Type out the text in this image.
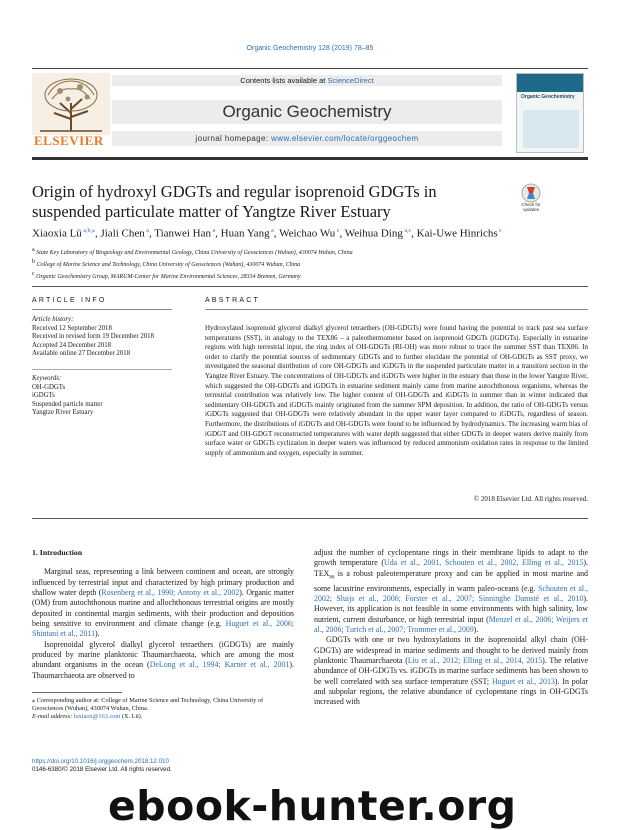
Organic Geochemistry 128 (2019) 78–85
ELSEVIER
Contents lists available at ScienceDirect
Organic Geochemistry
journal homepage: www.elsevier.com/locate/orggeochem
Organic Geochemistry
Origin of hydroxyl GDGTs and regular isoprenoid GDGTs in suspended particulate matter of Yangtze River Estuary	Check for updates
Xiaoxia Lü $^{a,b,⁎}$, Jiali Chen $^a$, Tianwei Han $^a$, Huan Yang $^a$, Weichao Wu $^c$, Weihua Ding $^{a,c}$, Kai-Uwe Hinrichs $^c$
$^a$ State Key Laboratory of Biogeology and Environmental Geology, China University of Geosciences (Wuhan), 430074 Wuhan, China
$^b$ College of Marine Science and Technology, China University of Geosciences (Wuhan), 430074 Wuhan, China
$^c$ Organic Geochemistry Group, MARUM-Center for Marine Environmental Sciences, 28334 Bremen, Germany
ARTICLE INFO
Article history:
Received 12 September 2018
Received in revised form 19 December 2018
Accepted 24 December 2018
Available online 27 December 2018
Keywords:
OH-GDGTs
iGDGTs
Suspended particle matter
Yangtze River Estuary
ABSTRACT
Hydroxylated isoprenoid glycerol dialkyl glycerol tetraethers (OH-GDGTs) were found having the potential to track past sea surface temperatures (SST), in analogy to the TEX86 – a paleothermometer based on isoprenoid GDGTs (iGDGTs). Especially in estuarine regions with high terrestrial input, the ring index of OH-GDGTs (RI-OH) was more robust to trace the summer SST than TEX86. In order to clarify the potential sources of sedimentary GDGTs and to further elucidate the potential of OH-GDGTs as SST proxy, we investigated the seasonal distribution of core OH-GDGTs and iGDGTs in the suspended particulate matter in a transition section in the Yangtze River Estuary. The concentrations of OH-GDGTs and iGDGTs were higher in the estuary than those in the lower Yangtze River, which suggested the OH-GDGTs and iGDGTs in estuarine sediment mainly came from marine autochthonous organisms, whereas the terrestrial contribution was relatively low. The higher content of OH-GDGTs and iGDGTs in summer than in winter indicated that sedimentary OH-GDGTs and iGDGTs mainly originated from the summer SPM deposition. In addition, the ratio of OH-GDGTs versus iGDGTs suggested that OH-GDGTs were relatively abundant in the upper water layer compared to iGDGTs, regardless of season. Furthermore, the distributions of iGDGTs and OH-GDGTs were found to be influenced by hydrodynamics. The increasing warm bias of iGDGT and OH-GDGT reconstructed temperatures with water depth suggested that either GDGTs in deeper waters derive mainly from surface water or GDGTs cyclization in deeper waters was influenced by reduced ammonium oxidation rates in response to the limited supply of ammonium and oxygen, especially in summer.
© 2018 Elsevier Ltd. All rights reserved.
1. Introduction

Marginal seas, representing a link between continent and ocean, are strongly influenced by terrestrial input and characterized by high primary production and shallow water depth (Rosenberg et al., 1990; Antony et al., 2002). Organic matter (OM) from autochthonous marine and allochthonous terrestrial origins are mostly deposited in continental margin sediments, with their production and deposition being sensitive to environment and climate change (e.g. Huguet et al., 2006; Shintani et al., 2011).

Isoprenoidal glycerol dialkyl glycerol tetraethers (iGDGTs) are mainly produced by marine planktonic Thaumarchaeota, which are among the most abundant organisms in the ocean (DeLong et al., 1994; Karner et al., 2001). Thaumarchaeota are observed to

adjust the number of cyclopentane rings in their membrane lipids to adapt to the growth temperature (Uda et al., 2001, Schouten et al., 2002, Elling et al., 2015). $TEX_{86}$ is a robust paleotemperature proxy and can be applied in most marine and some lacustrine environments, especially in warm paleo-oceans (e.g. Schouten et al., 2002; Sluijs et al., 2006; Forster et al., 2007; Sinninghe Damsté et al., 2010). However, its application is not feasible in some environments with high salinity, low nutrient, current disturbance, or high terrestrial input (Menzel et al., 2006; Weijers et al., 2006; Turich et al., 2007; Trommer et al., 2009).

GDGTs with one or two hydroxylations in the isoprenoidal alkyl chain (OH-GDGTs) are widespread in marine sediments and thought to be derived mainly from planktonic Thaumarchaeota (Liu et al., 2012; Elling et al., 2014, 2015). The relative abundance of OH-GDGTs vs. iGDGTs in marine surface sediments has been shown to be well correlated with sea surface temperature (SST; Huguet et al., 2013). In polar and subpolar regions, the relative abundance of cyclopentane rings in OH-GDGTs increased with

⁎ Corresponding author at: College of Marine Science and Technology, China University of Geosciences (Wuhan), 430074 Wuhan, China.
E-mail address: luxiaox@163.com (X. Lü).
https://doi.org/10.1016/j.orggeochem.2018.12.010
0146-6380/© 2018 Elsevier Ltd. All rights reserved.
ebook-hunter.org
